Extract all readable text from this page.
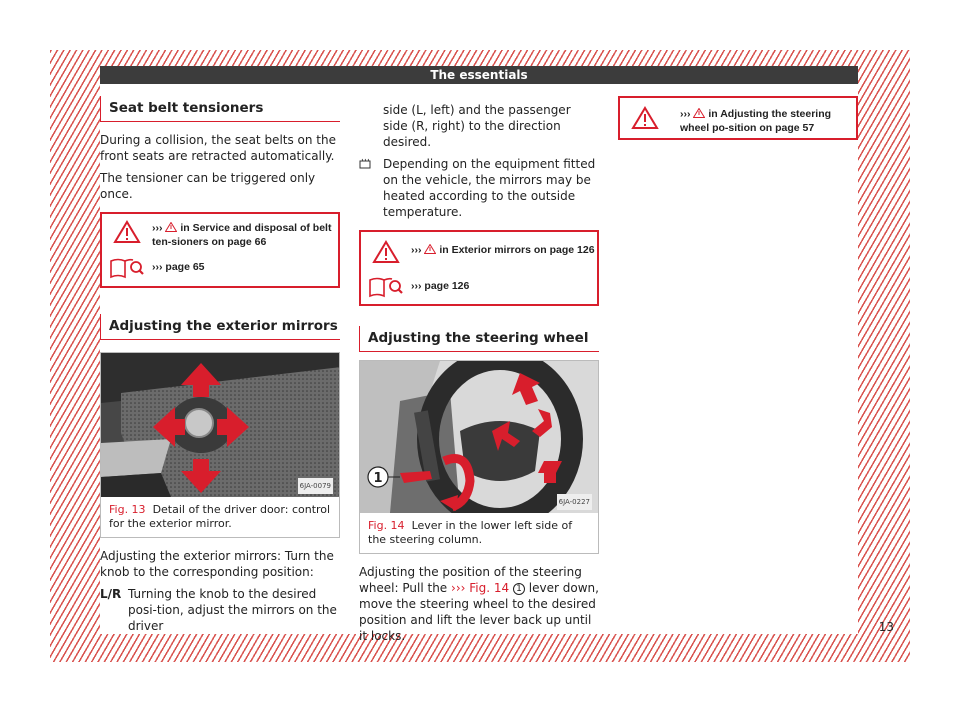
The essentials
Seat belt tensioners

During a collision, the seat belts on the front seats are retracted automatically.

The tensioner can be triggered only once.

››› in Service and disposal of belt ten-sioners on page 66
››› page 65
Adjusting the exterior mirrors
6JA-0079
Fig. 13 Detail of the driver door: control for the exterior mirror.

Adjusting the exterior mirrors: Turn the knob to the corresponding position:

L/R Turning the knob to the desired posi-tion, adjust the mirrors on the driver

side (L, left) and the passenger side (R, right) to the direction desired.

Depending on the equipment fitted on the vehicle, the mirrors may be heated according to the outside temperature.

››› in Exterior mirrors on page 126
››› page 126
Adjusting the steering wheel
1
6JA-0227
Fig. 14 Lever in the lower left side of the steering column.

Adjusting the position of the steering wheel: Pull the ››› Fig. 14 1 lever down, move the steering wheel to the desired position and lift the lever back up until it locks.

››› in Adjusting the steering wheel po-sition on page 57
13
